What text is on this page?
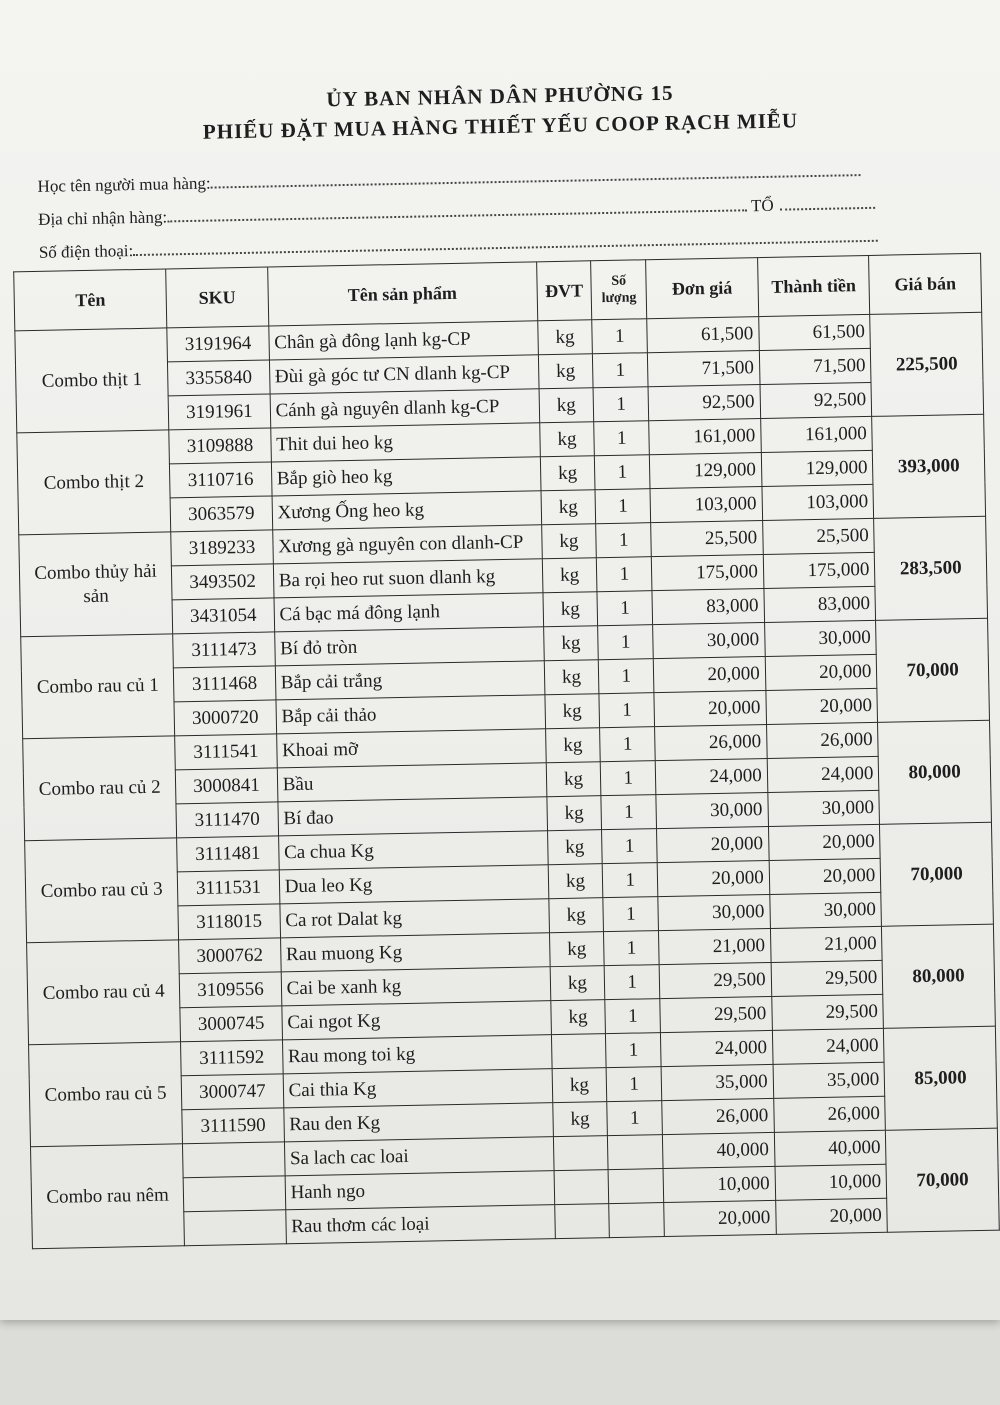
ỦY BAN NHÂN DÂN PHƯỜNG 15
PHIẾU ĐẶT MUA HÀNG THIẾT YẾU COOP RẠCH MIỄU
Học tên người mua hàng:
Địa chỉ nhận hàng:TỔ
Số điện thoại:
Tên	SKU	Tên sản phẩm	ĐVT	Số lượng	Đơn giá	Thành tiền	Giá bán
Combo thịt 1	3191964	Chân gà đông lạnh kg-CP	kg	1	61,500	61,500	225,500
	3355840	Đùi gà góc tư CN dlanh kg-CP	kg	1	71,500	71,500	
	3191961	Cánh gà nguyên dlanh kg-CP	kg	1	92,500	92,500	
Combo thịt 2	3109888	Thit dui heo kg	kg	1	161,000	161,000	393,000
	3110716	Bắp giò heo kg	kg	1	129,000	129,000	
	3063579	Xương Ống heo kg	kg	1	103,000	103,000	
Combo thủy hải sản	3189233	Xương gà nguyên con dlanh-CP	kg	1	25,500	25,500	283,500
	3493502	Ba rọi heo rut suon dlanh kg	kg	1	175,000	175,000	
	3431054	Cá bạc má đông lạnh	kg	1	83,000	83,000	
Combo rau củ 1	3111473	Bí đỏ tròn	kg	1	30,000	30,000	70,000
	3111468	Bắp cải trắng	kg	1	20,000	20,000	
	3000720	Bắp cải thảo	kg	1	20,000	20,000	
Combo rau củ 2	3111541	Khoai mỡ	kg	1	26,000	26,000	80,000
	3000841	Bầu	kg	1	24,000	24,000	
	3111470	Bí đao	kg	1	30,000	30,000	
Combo rau củ 3	3111481	Ca chua Kg	kg	1	20,000	20,000	70,000
	3111531	Dua leo Kg	kg	1	20,000	20,000	
	3118015	Ca rot Dalat kg	kg	1	30,000	30,000	
Combo rau củ 4	3000762	Rau muong Kg	kg	1	21,000	21,000	80,000
	3109556	Cai be xanh kg	kg	1	29,500	29,500	
	3000745	Cai ngot Kg	kg	1	29,500	29,500	
Combo rau củ 5	3111592	Rau mong toi kg		1	24,000	24,000	85,000
	3000747	Cai thia Kg	kg	1	35,000	35,000	
	3111590	Rau den Kg	kg	1	26,000	26,000	
Combo rau nêm		Sa lach cac loai			40,000	40,000	70,000
		Hanh ngo			10,000	10,000	
		Rau thơm các loại			20,000	20,000	
